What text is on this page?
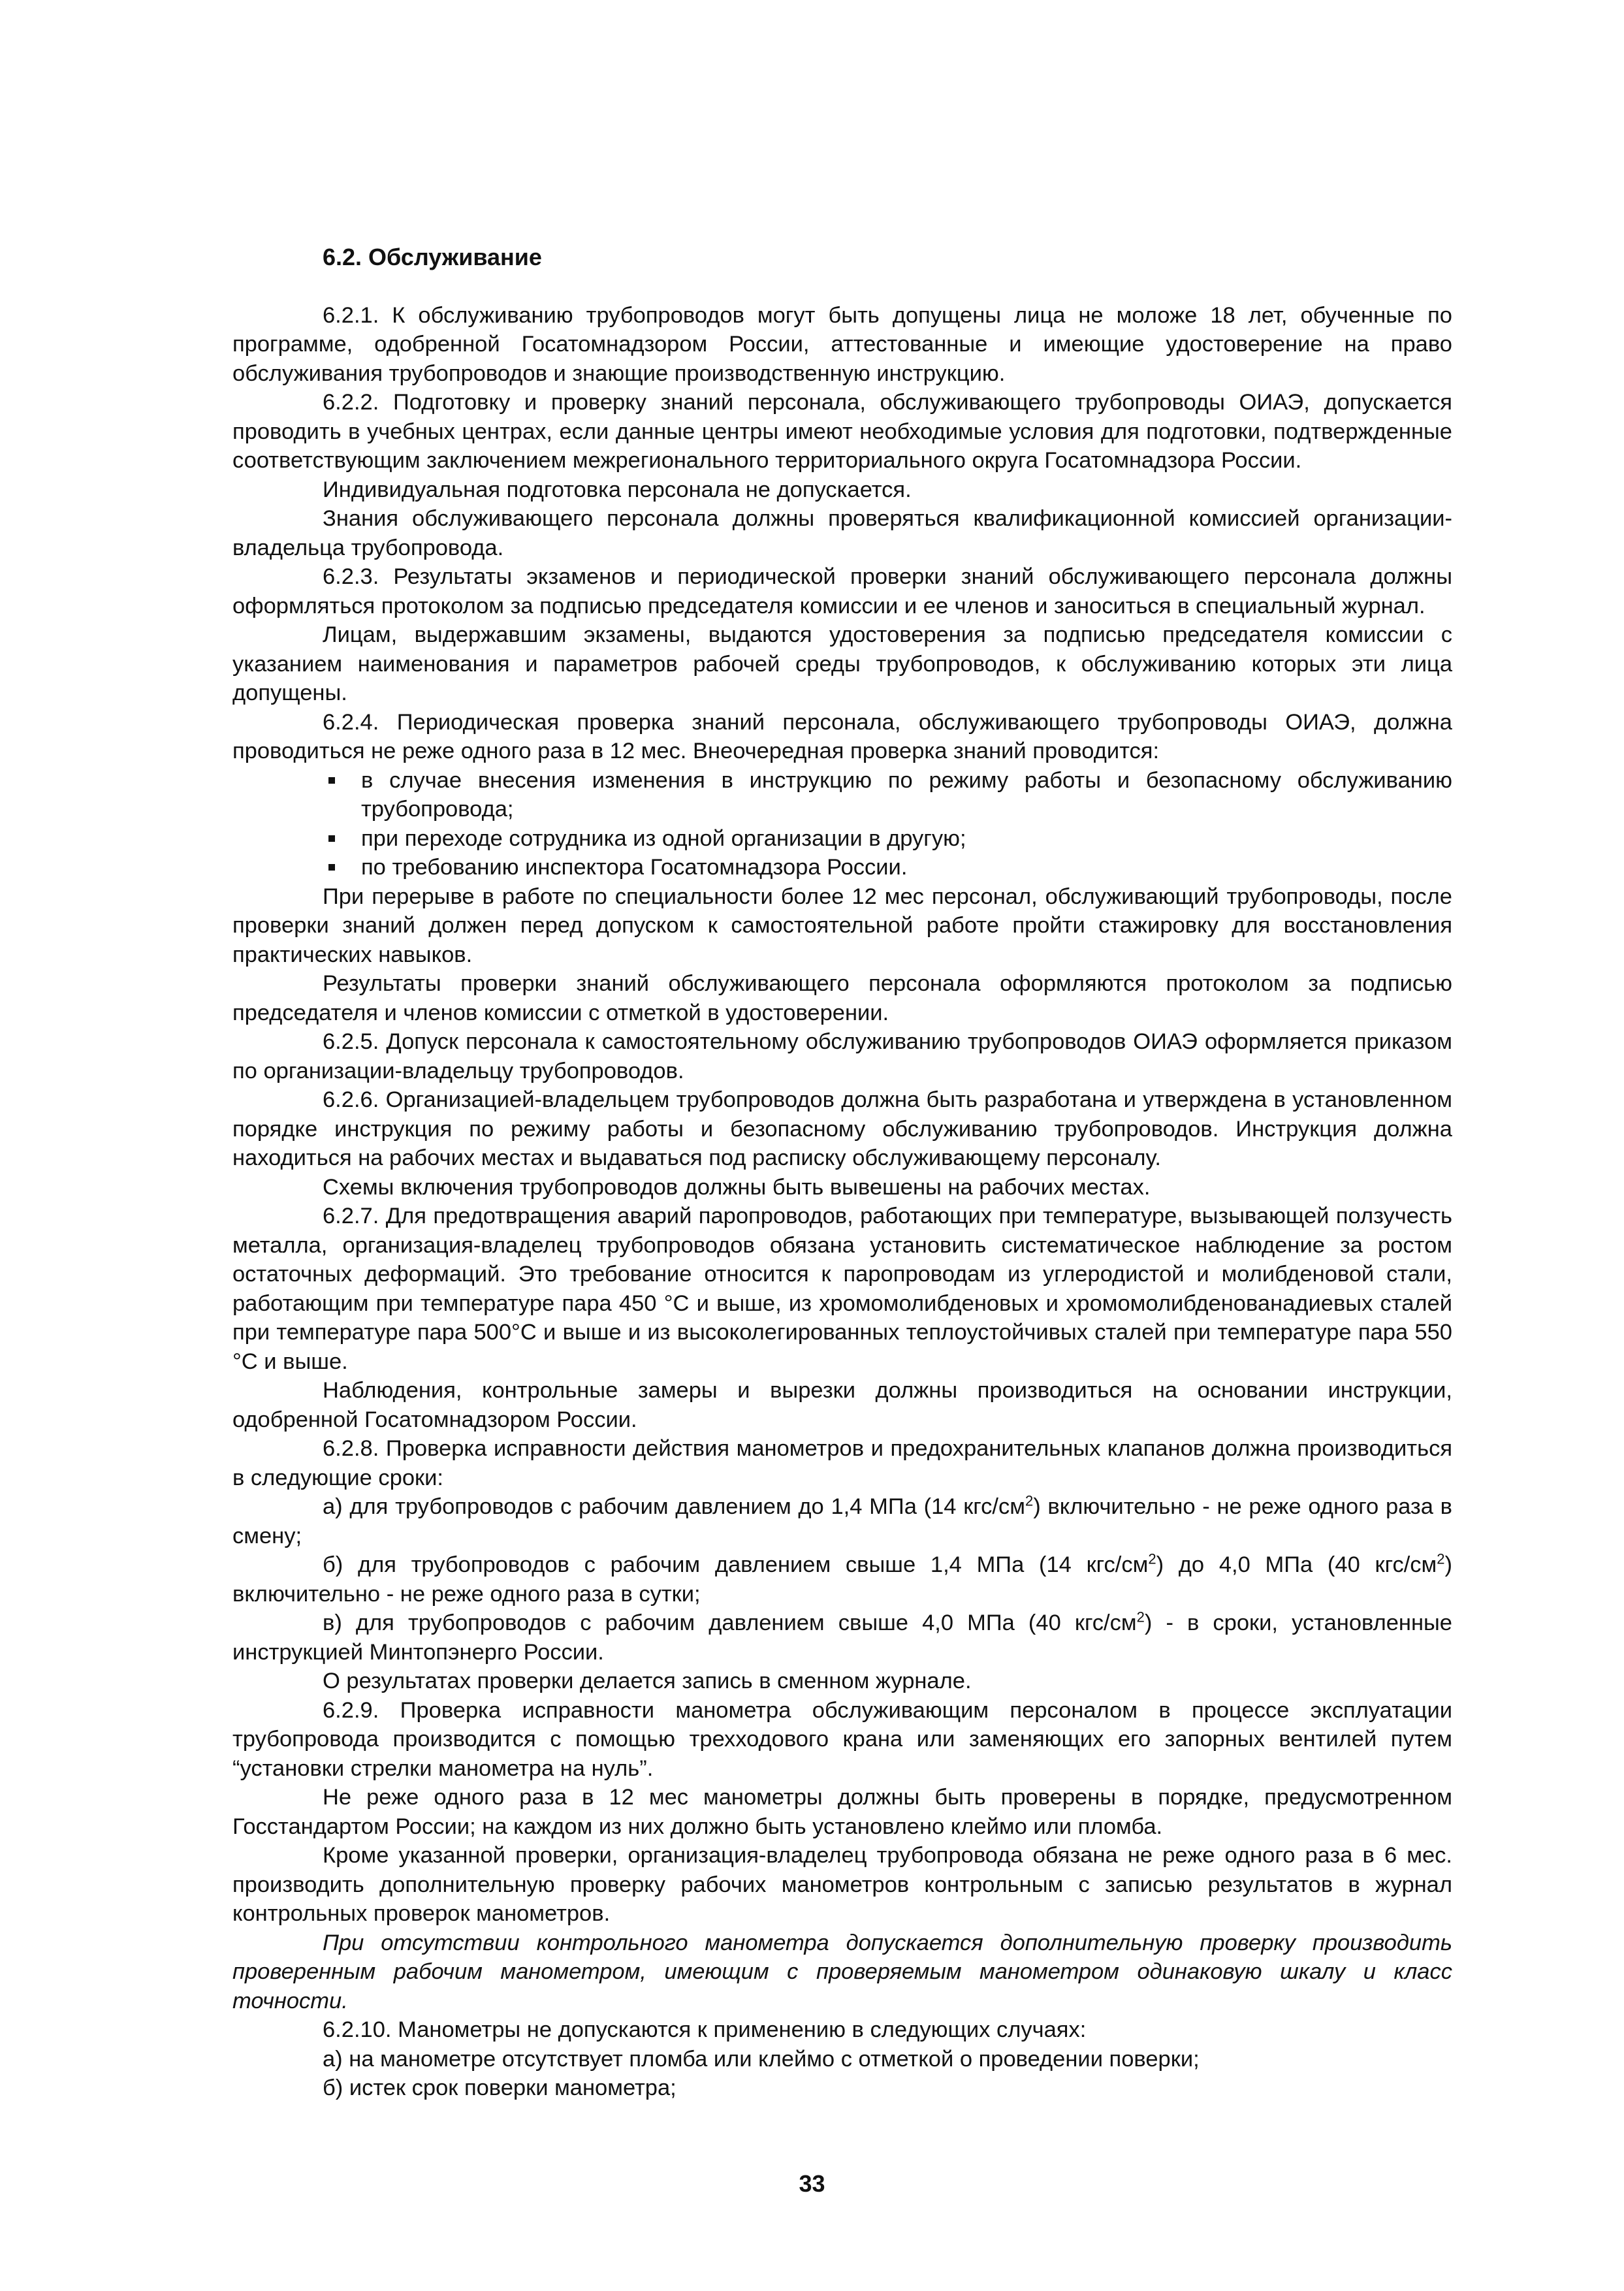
6.2. Обслуживание

6.2.1. К обслуживанию трубопроводов могут быть допущены лица не моложе 18 лет, обученные по программе, одобренной Госатомнадзором России, аттестованные и имеющие удостоверение на право обслуживания трубопроводов и знающие производственную инструкцию.

6.2.2. Подготовку и проверку знаний персонала, обслуживающего трубопроводы ОИАЭ, допускается проводить в учебных центрах, если данные центры имеют необходимые условия для подготовки, подтвержденные соответствующим заключением межрегионального территориального округа Госатомнадзора России.

Индивидуальная подготовка персонала не допускается.

Знания обслуживающего персонала должны проверяться квалификационной комиссией организации-владельца трубопровода.

6.2.3. Результаты экзаменов и периодической проверки знаний обслуживающего персонала должны оформляться протоколом за подписью председателя комиссии и ее членов и заноситься в специальный журнал.

Лицам, выдержавшим экзамены, выдаются удостоверения за подписью председателя комиссии с указанием наименования и параметров рабочей среды трубопроводов, к обслуживанию которых эти лица допущены.

6.2.4. Периодическая проверка знаний персонала, обслуживающего трубопроводы ОИАЭ, должна проводиться не реже одного раза в 12 мес. Внеочередная проверка знаний проводится:

в случае внесения изменения в инструкцию по режиму работы и безопасному обслуживанию трубопровода;
при переходе сотрудника из одной организации в другую;
по требованию инспектора Госатомнадзора России.

При перерыве в работе по специальности более 12 мес персонал, обслуживающий трубопроводы, после проверки знаний должен перед допуском к самостоятельной работе пройти стажировку для восстановления практических навыков.

Результаты проверки знаний обслуживающего персонала оформляются протоколом за подписью председателя и членов комиссии с отметкой в удостоверении.

6.2.5. Допуск персонала к самостоятельному обслуживанию трубопроводов ОИАЭ оформляется приказом по организации-владельцу трубопроводов.

6.2.6. Организацией-владельцем трубопроводов должна быть разработана и утверждена в установленном порядке инструкция по режиму работы и безопасному обслуживанию трубопроводов. Инструкция должна находиться на рабочих местах и выдаваться под расписку обслуживающему персоналу.

Схемы включения трубопроводов должны быть вывешены на рабочих местах.

6.2.7. Для предотвращения аварий паропроводов, работающих при температуре, вызывающей ползучесть металла, организация-владелец трубопроводов обязана установить систематическое наблюдение за ростом остаточных деформаций. Это требование относится к паропроводам из углеродистой и молибденовой стали, работающим при температуре пара 450 °С и выше, из хромомолибденовых и хромомолибденованадиевых сталей при температуре пара 500°С и выше и из высоколегированных теплоустойчивых сталей при температуре пара 550 °С и выше.

Наблюдения, контрольные замеры и вырезки должны производиться на основании инструкции, одобренной Госатомнадзором России.

6.2.8. Проверка исправности действия манометров и предохранительных клапанов должна производиться в следующие сроки:

а) для трубопроводов с рабочим давлением до 1,4 МПа (14 кгс/$см^2$) включительно - не реже одного раза в смену;

б) для трубопроводов с рабочим давлением свыше 1,4 МПа (14 кгс/$см^2$) до 4,0 МПа (40 кгс/$см^2$) включительно - не реже одного раза в сутки;

в) для трубопроводов с рабочим давлением свыше 4,0 МПа (40 кгс/$см^2$) - в сроки, установленные инструкцией Минтопэнерго России.

О результатах проверки делается запись в сменном журнале.

6.2.9. Проверка исправности манометра обслуживающим персоналом в процессе эксплуатации трубопровода производится с помощью трехходового крана или заменяющих его запорных вентилей путем “установки стрелки манометра на нуль”.

Не реже одного раза в 12 мес манометры должны быть проверены в порядке, предусмотренном Госстандартом России; на каждом из них должно быть установлено клеймо или пломба.

Кроме указанной проверки, организация-владелец трубопровода обязана не реже одного раза в 6 мес. производить дополнительную проверку рабочих манометров контрольным с записью результатов в журнал контрольных проверок манометров.

При отсутствии контрольного манометра допускается дополнительную проверку производить проверенным рабочим манометром, имеющим с проверяемым манометром одинаковую шкалу и класс точности.

6.2.10. Манометры не допускаются к применению в следующих случаях:

а) на манометре отсутствует пломба или клеймо с отметкой о проведении поверки;

б) истек срок поверки манометра;

33
